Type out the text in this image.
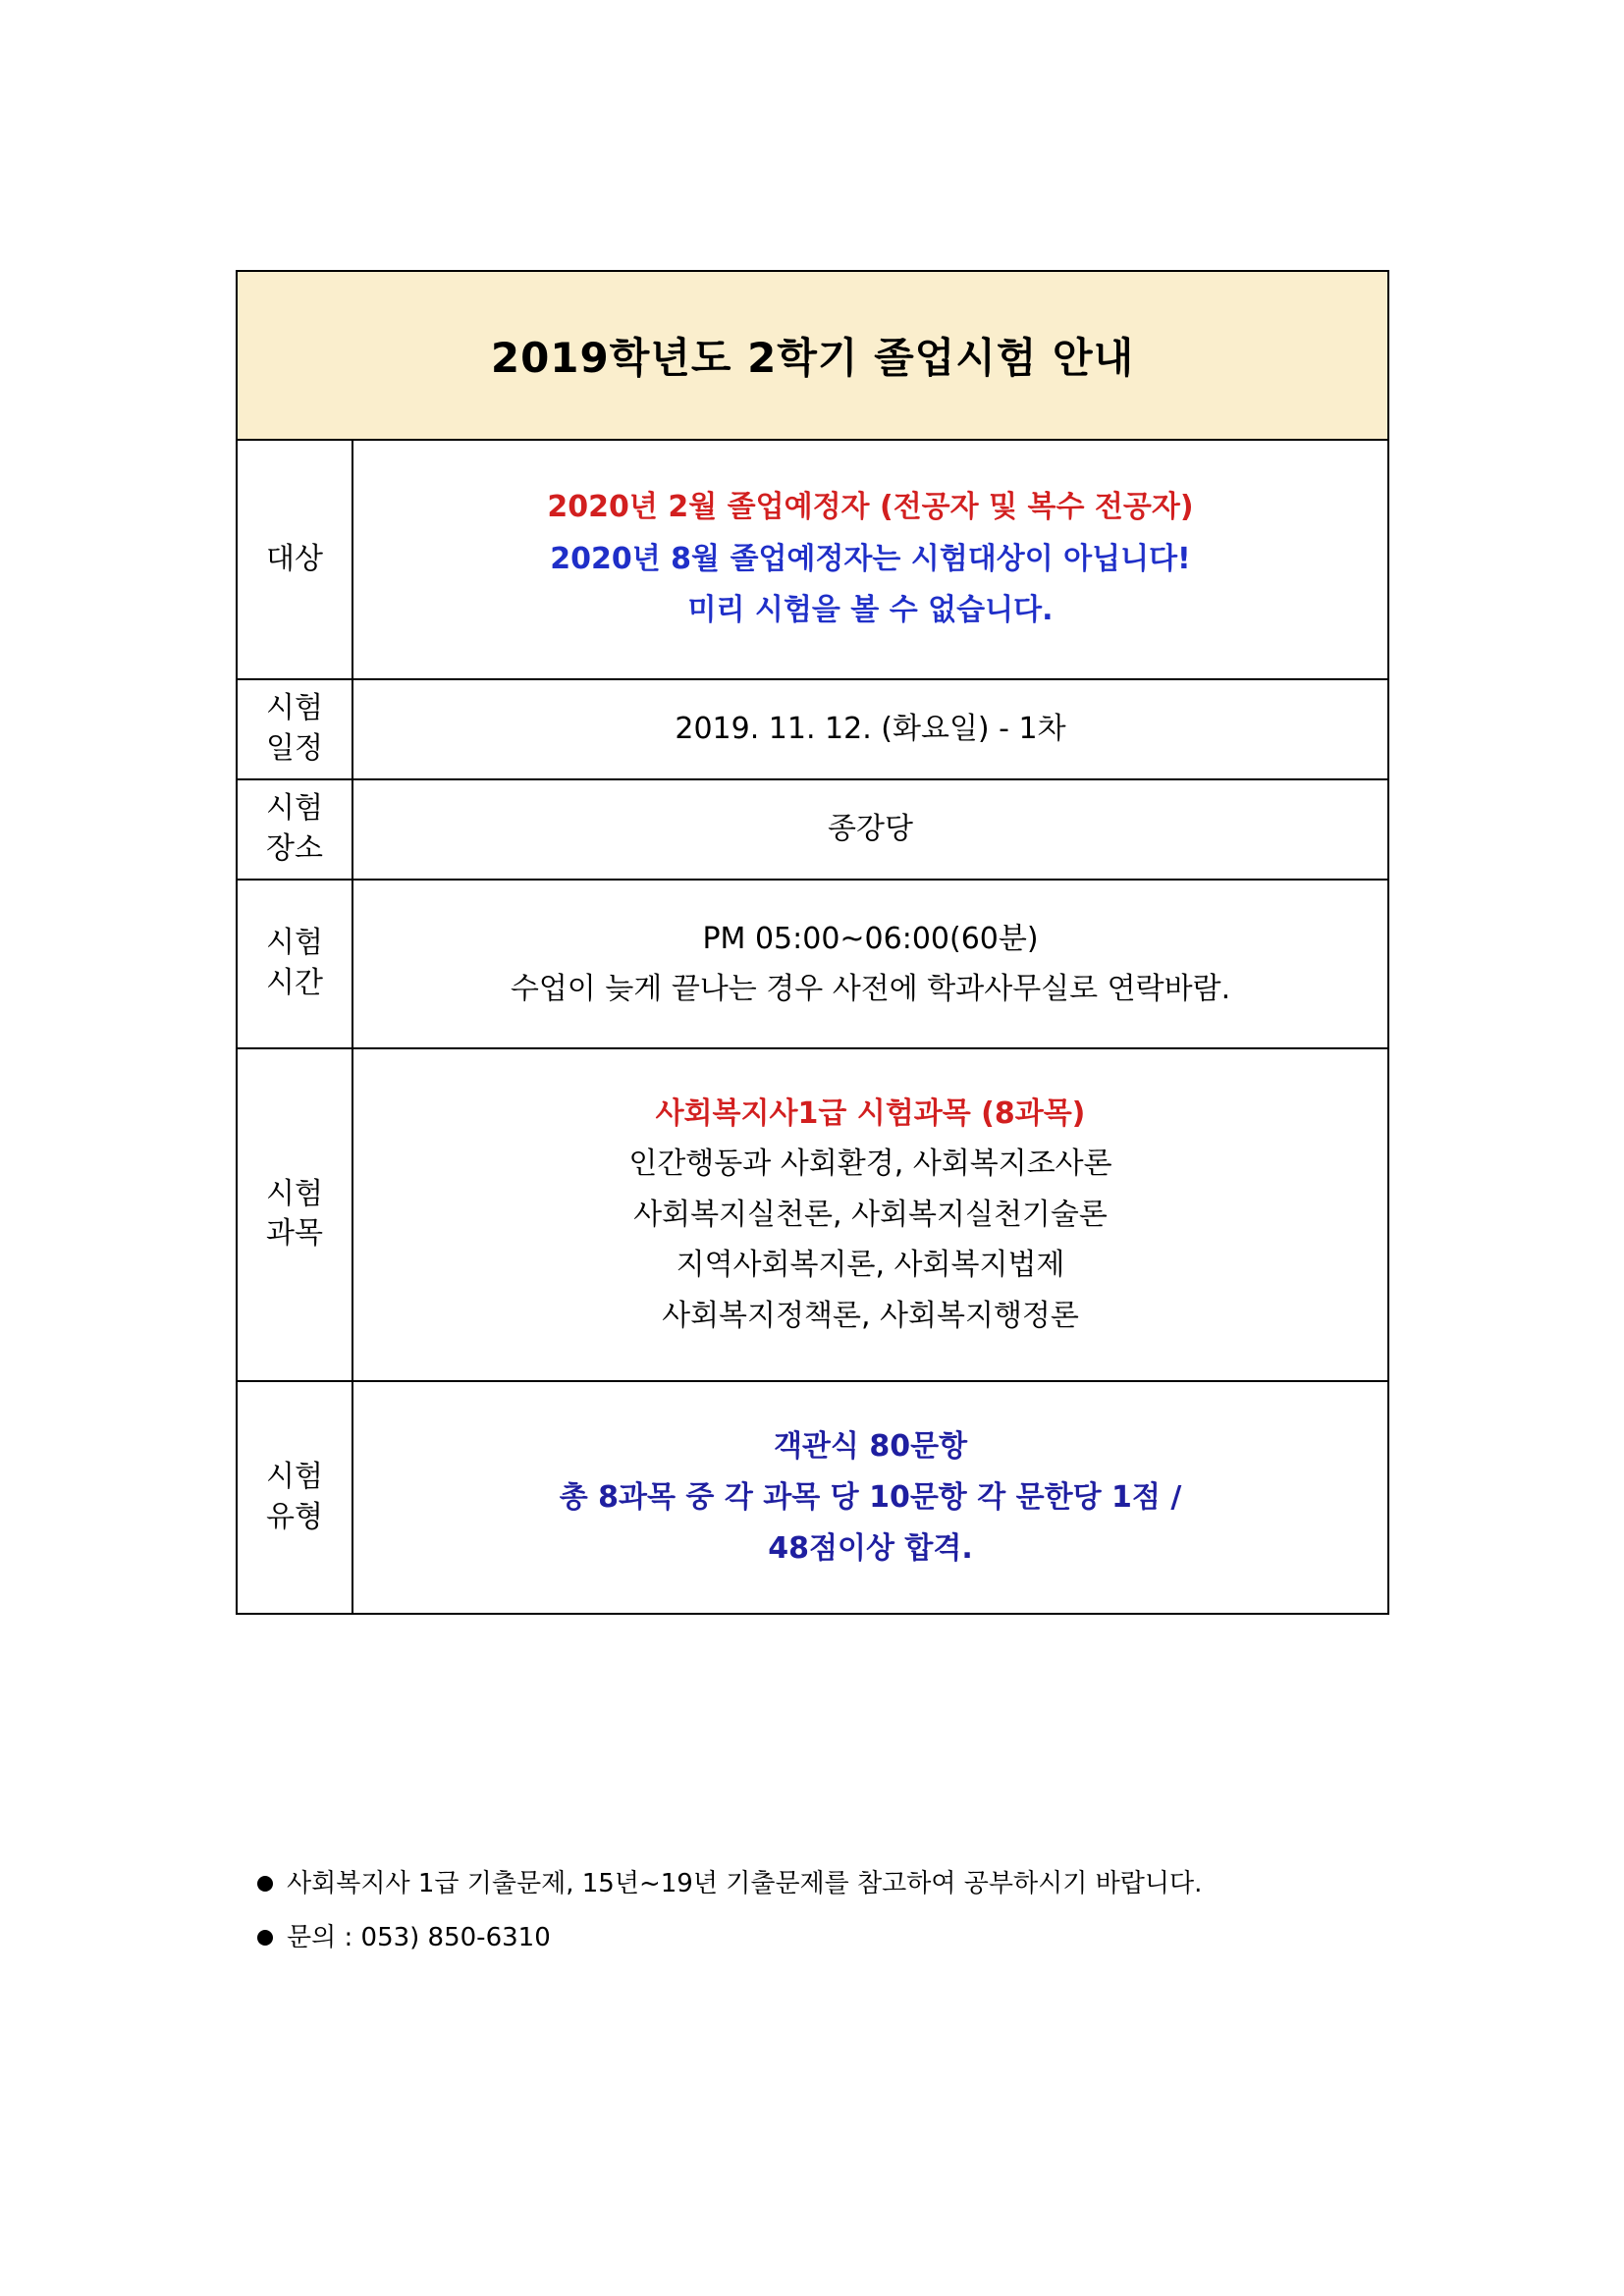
2019학년도 2학기 졸업시험 안내	
대상	2020년 2월 졸업예정자 (전공자 및 복수 전공자)
2020년 8월 졸업예정자는 시험대상이 아닙니다!
미리 시험을 볼 수 없습니다.

시험
일정	2019. 11. 12. (화요일) - 1차

시험
장소	종강당

시험
시간	PM 05:00~06:00(60분)
수업이 늦게 끝나는 경우 사전에 학과사무실로 연락바람.

시험
과목	사회복지사1급 시험과목 (8과목)
인간행동과 사회환경, 사회복지조사론
사회복지실천론, 사회복지실천기술론
지역사회복지론, 사회복지법제
사회복지정책론, 사회복지행정론

시험
유형	객관식 80문항
총 8과목 중 각 과목 당 10문항 각 문한당 1점 /
48점이상 합격.
사회복지사 1급 기출문제, 15년~19년 기출문제를 참고하여 공부하시기 바랍니다.
문의 : 053) 850-6310
